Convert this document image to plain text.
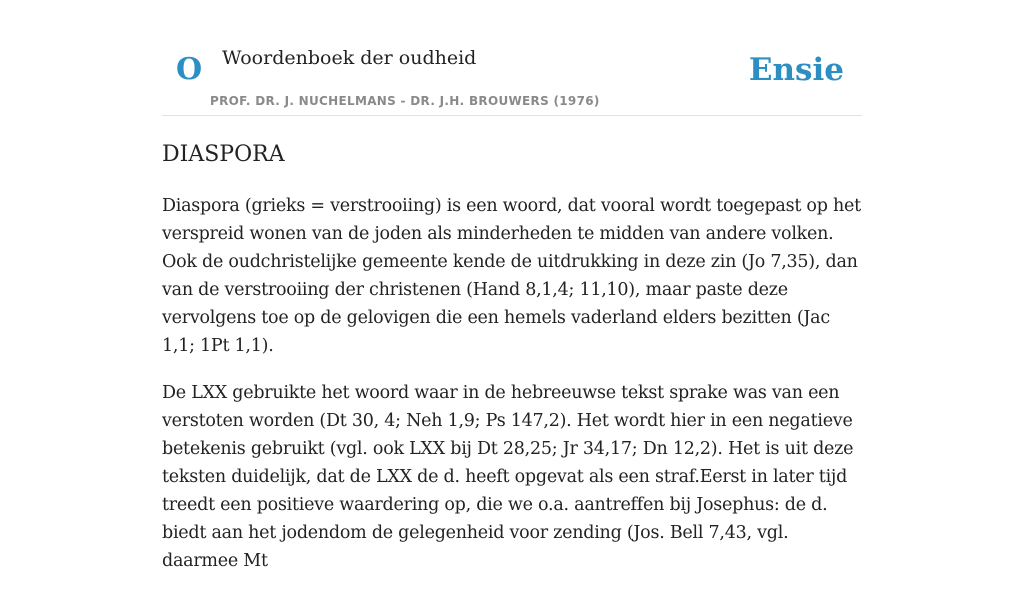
O Woordenboek der oudheid
PROF. DR. J. NUCHELMANS - DR. J.H. BROUWERS (1976)
Ensie
DIASPORA

Diaspora (grieks = verstrooiing) is een woord, dat vooral wordt toegepast op het verspreid wonen van de joden als minderheden te midden van andere volken. Ook de oudchristelijke gemeente kende de uitdrukking in deze zin (Jo 7,35), dan van de verstrooiing der christenen (Hand 8,1,4; 11,10), maar paste deze vervolgens toe op de gelovigen die een hemels vaderland elders bezitten (Jac 1,1; 1Pt 1,1).

De LXX gebruikte het woord waar in de hebreeuwse tekst sprake was van een verstoten worden (Dt 30, 4; Neh 1,9; Ps 147,2). Het wordt hier in een negatieve betekenis gebruikt (vgl. ook LXX bij Dt 28,25; Jr 34,17; Dn 12,2). Het is uit deze teksten duidelijk, dat de LXX de d. heeft opgevat als een straf.Eerst in later tijd treedt een positieve waardering op, die we o.a. aantreffen bij Josephus: de d. biedt aan het jodendom de gelegenheid voor zending (Jos. Bell 7,43, vgl. daarmee Mt
